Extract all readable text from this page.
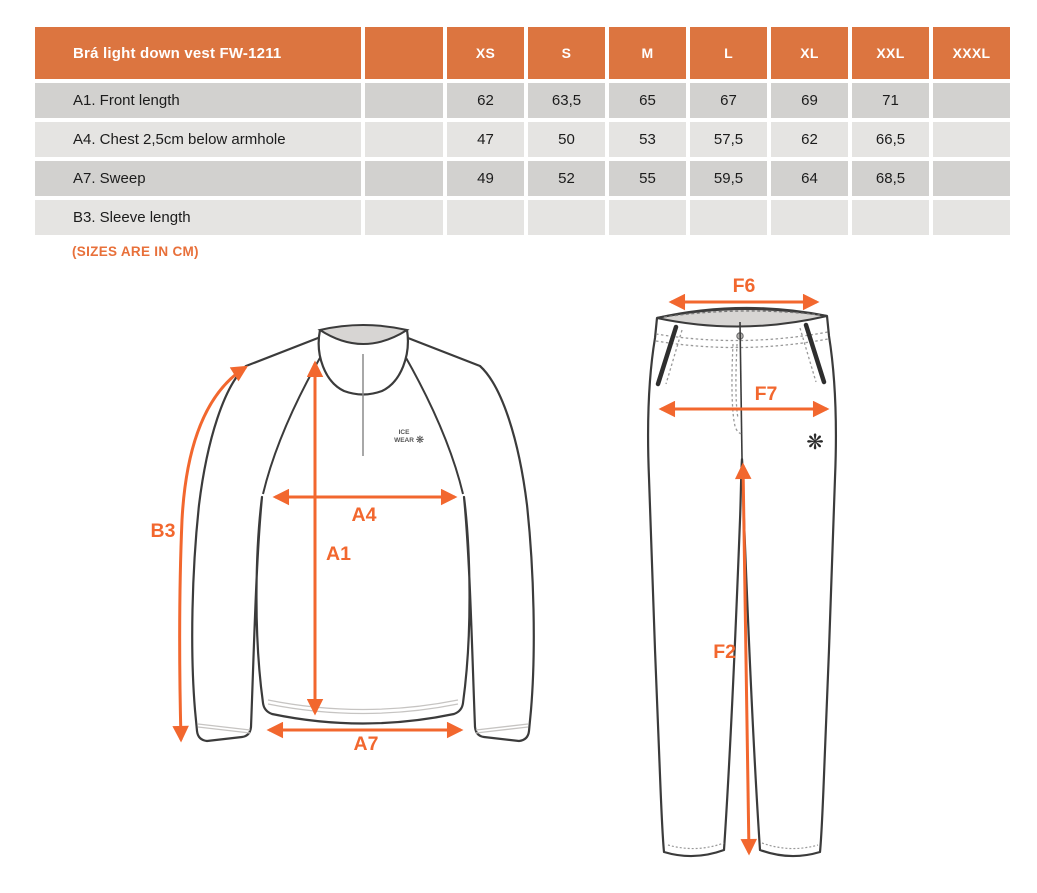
Brá light down vest FW-1211	XS	S	M	L	XL	XXL	XXXL
A1. Front length	62	63,5	65	67	69	71
A4. Chest 2,5cm below armhole	47	50	53	57,5	62	66,5
A7. Sweep	49	52	55	59,5	64	68,5
B3. Sleeve length
(SIZES ARE IN CM)
ICE
WEAR ❋
B3
A4
A1
A7
❋
F6
F7
F2
